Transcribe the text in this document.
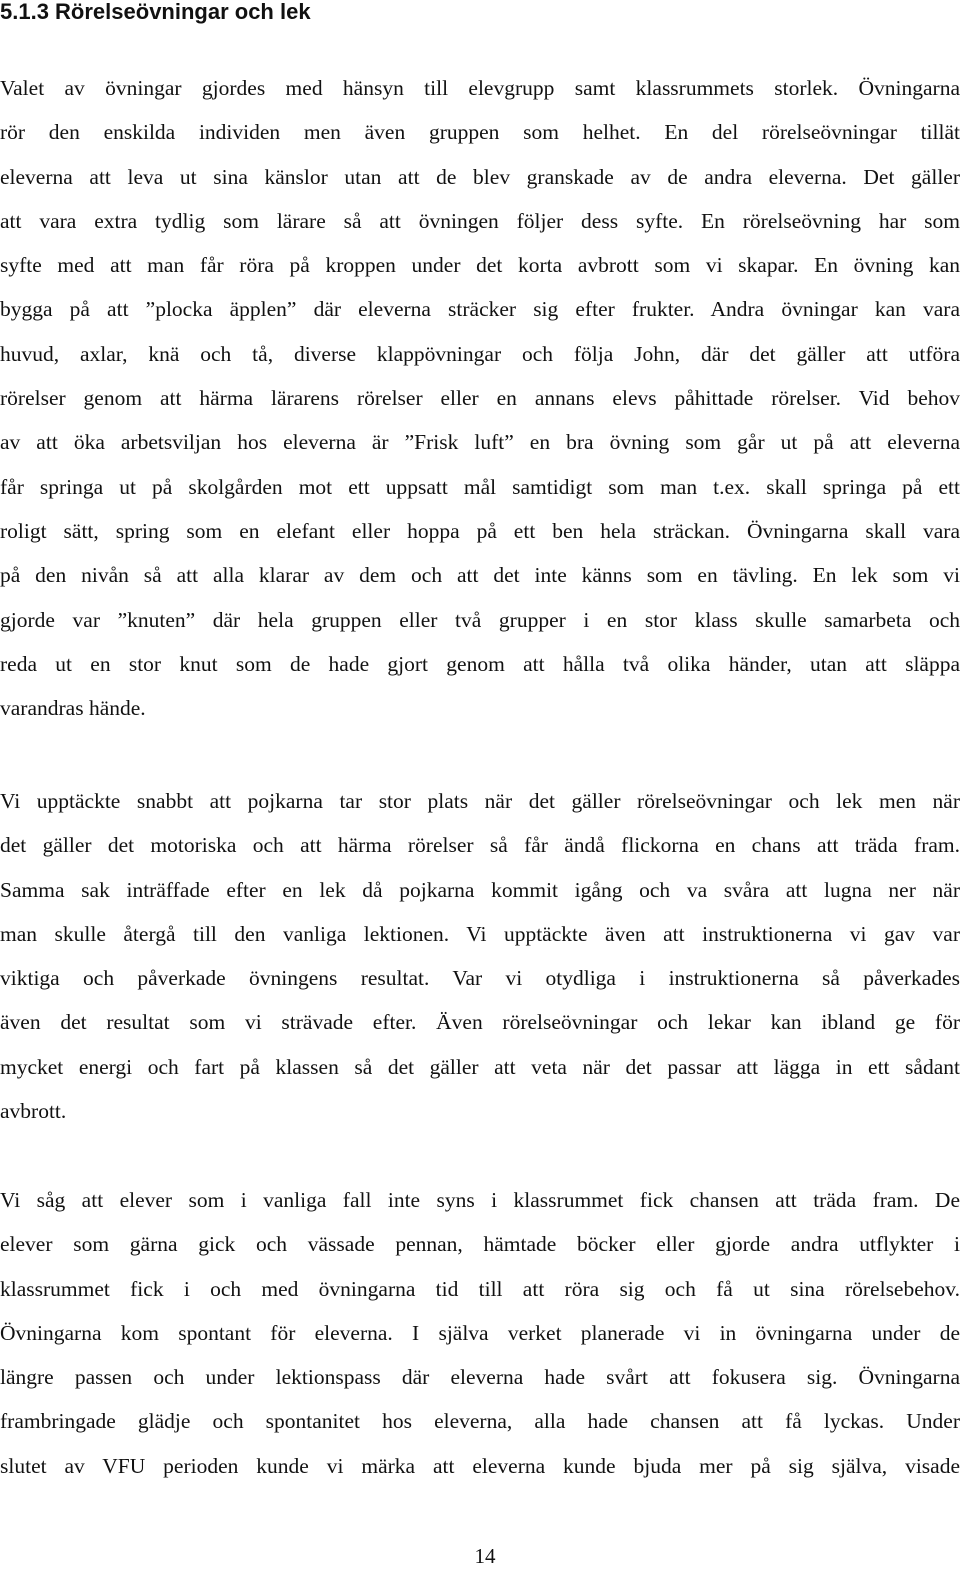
5.1.3 Rörelseövningar och lek
Valet av övningar gjordes med hänsyn till elevgrupp samt klassrummets storlek. Övningarna
rör den enskilda individen men även gruppen som helhet. En del rörelseövningar tillät
eleverna att leva ut sina känslor utan att de blev granskade av de andra eleverna. Det gäller
att vara extra tydlig som lärare så att övningen följer dess syfte. En rörelseövning har som
syfte med att man får röra på kroppen under det korta avbrott som vi skapar. En övning kan
bygga på att ”plocka äpplen” där eleverna sträcker sig efter frukter. Andra övningar kan vara
huvud, axlar, knä och tå, diverse klappövningar och följa John, där det gäller att utföra
rörelser genom att härma lärarens rörelser eller en annans elevs påhittade rörelser. Vid behov
av att öka arbetsviljan hos eleverna är ”Frisk luft” en bra övning som går ut på att eleverna
får springa ut på skolgården mot ett uppsatt mål samtidigt som man t.ex. skall springa på ett
roligt sätt, spring som en elefant eller hoppa på ett ben hela sträckan. Övningarna skall vara
på den nivån så att alla klarar av dem och att det inte känns som en tävling. En lek som vi
gjorde var ”knuten” där hela gruppen eller två grupper i en stor klass skulle samarbeta och
reda ut en stor knut som de hade gjort genom att hålla två olika händer, utan att släppa
varandras hände.
Vi upptäckte snabbt att pojkarna tar stor plats när det gäller rörelseövningar och lek men när
det gäller det motoriska och att härma rörelser så får ändå flickorna en chans att träda fram.
Samma sak inträffade efter en lek då pojkarna kommit igång och va svåra att lugna ner när
man skulle återgå till den vanliga lektionen. Vi upptäckte även att instruktionerna vi gav var
viktiga och påverkade övningens resultat. Var vi otydliga i instruktionerna så påverkades
även det resultat som vi strävade efter. Även rörelseövningar och lekar kan ibland ge för
mycket energi och fart på klassen så det gäller att veta när det passar att lägga in ett sådant
avbrott.
Vi såg att elever som i vanliga fall inte syns i klassrummet fick chansen att träda fram. De
elever som gärna gick och vässade pennan, hämtade böcker eller gjorde andra utflykter i
klassrummet fick i och med övningarna tid till att röra sig och få ut sina rörelsebehov.
Övningarna kom spontant för eleverna. I själva verket planerade vi in övningarna under de
längre passen och under lektionspass där eleverna hade svårt att fokusera sig. Övningarna
frambringade glädje och spontanitet hos eleverna, alla hade chansen att få lyckas. Under
slutet av VFU perioden kunde vi märka att eleverna kunde bjuda mer på sig själva, visade
14
